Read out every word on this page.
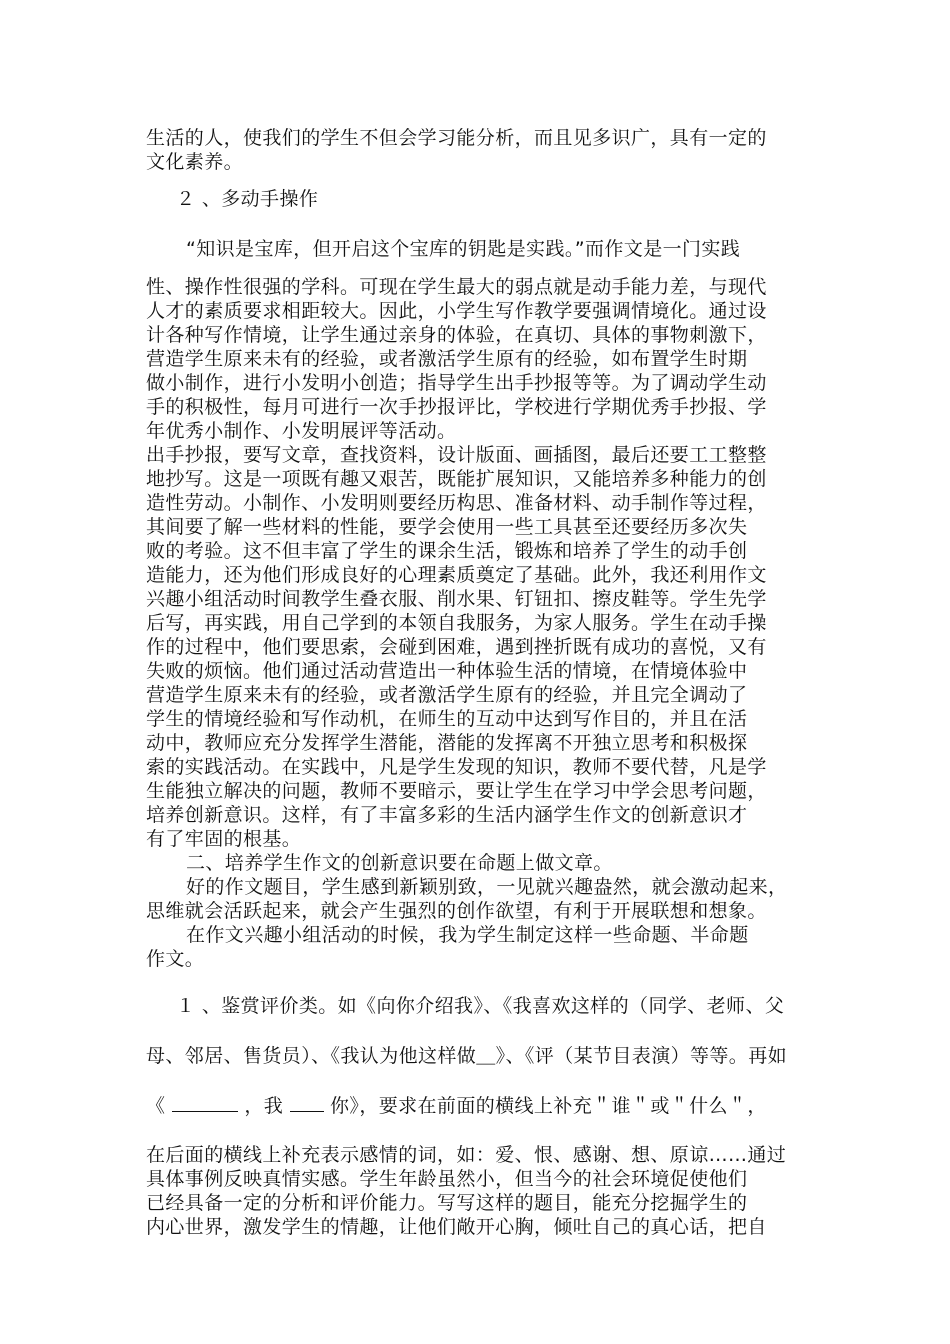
生活的人，使我们的学生不但会学习能分析，而且见多识广，具有一定的
文化素养。
２ 、多动手操作
“知识是宝库，但开启这个宝库的钥匙是实践。”而作文是一门实践
性、操作性很强的学科。可现在学生最大的弱点就是动手能力差，与现代
人才的素质要求相距较大。因此，小学生写作教学要强调情境化。通过设
计各种写作情境，让学生通过亲身的体验，在真切、具体的事物刺激下，
营造学生原来未有的经验，或者激活学生原有的经验，如布置学生时期
做小制作，进行小发明小创造；指导学生出手抄报等等。为了调动学生动
手的积极性，每月可进行一次手抄报评比，学校进行学期优秀手抄报、学
年优秀小制作、小发明展评等活动。
出手抄报，要写文章，查找资料，设计版面、画插图，最后还要工工整整
地抄写。这是一项既有趣又艰苦，既能扩展知识，又能培养多种能力的创
造性劳动。小制作、小发明则要经历构思、准备材料、动手制作等过程，
其间要了解一些材料的性能，要学会使用一些工具甚至还要经历多次失
败的考验。这不但丰富了学生的课余生活，锻炼和培养了学生的动手创
造能力，还为他们形成良好的心理素质奠定了基础。此外，我还利用作文
兴趣小组活动时间教学生叠衣服、削水果、钉钮扣、擦皮鞋等。学生先学
后写，再实践，用自己学到的本领自我服务，为家人服务。学生在动手操
作的过程中，他们要思索，会碰到困难，遇到挫折既有成功的喜悦，又有
失败的烦恼。他们通过活动营造出一种体验生活的情境，在情境体验中
营造学生原来未有的经验，或者激活学生原有的经验，并且完全调动了
学生的情境经验和写作动机，在师生的互动中达到写作目的，并且在活
动中，教师应充分发挥学生潜能，潜能的发挥离不开独立思考和积极探
索的实践活动。在实践中，凡是学生发现的知识，教师不要代替，凡是学
生能独立解决的问题，教师不要暗示，要让学生在学习中学会思考问题，
培养创新意识。这样，有了丰富多彩的生活内涵学生作文的创新意识才
有了牢固的根基。
二、培养学生作文的创新意识要在命题上做文章。
好的作文题目，学生感到新颖别致，一见就兴趣盎然，就会激动起来，
思维就会活跃起来，就会产生强烈的创作欲望，有利于开展联想和想象。
在作文兴趣小组活动的时候，我为学生制定这样一些命题、半命题
作文。
１ 、鉴赏评价类。如《向你介绍我》、《我喜欢这样的（同学、老师、父
母、邻居、售货员）、《我认为他这样做＿》、《评（某节目表演）等等。再如
《	，我 你》，要求在前面的横线上补充＂谁＂或＂什么＂，
在后面的横线上补充表示感情的词，如：爱、恨、感谢、想、原谅……通过
具体事例反映真情实感。学生年龄虽然小，但当今的社会环境促使他们
已经具备一定的分析和评价能力。写写这样的题目，能充分挖掘学生的
内心世界，激发学生的情趣，让他们敞开心胸，倾吐自己的真心话，把自
